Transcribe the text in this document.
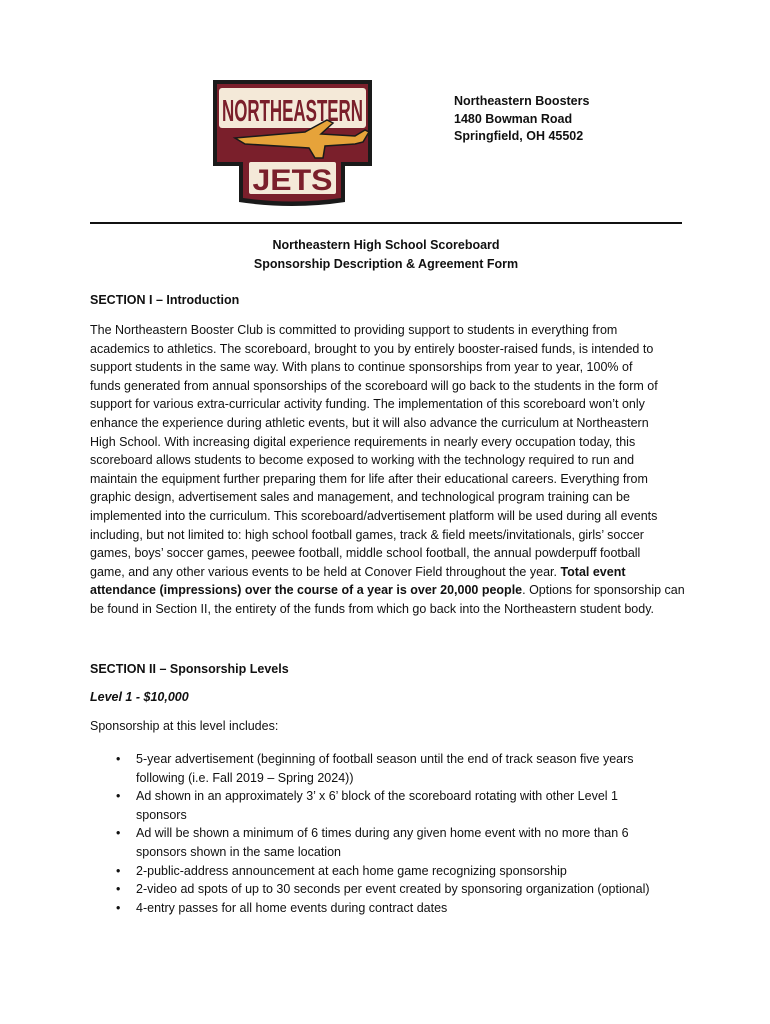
NORTHEASTERN
JETS
Northeastern Boosters
1480 Bowman Road
Springfield, OH 45502
Northeastern High School Scoreboard
Sponsorship Description & Agreement Form
SECTION I – Introduction
The Northeastern Booster Club is committed to providing support to students in everything from
academics to athletics. The scoreboard, brought to you by entirely booster-raised funds, is intended to
support students in the same way. With plans to continue sponsorships from year to year, 100% of
funds generated from annual sponsorships of the scoreboard will go back to the students in the form of
support for various extra-curricular activity funding. The implementation of this scoreboard won’t only
enhance the experience during athletic events, but it will also advance the curriculum at Northeastern
High School. With increasing digital experience requirements in nearly every occupation today, this
scoreboard allows students to become exposed to working with the technology required to run and
maintain the equipment further preparing them for life after their educational careers. Everything from
graphic design, advertisement sales and management, and technological program training can be
implemented into the curriculum. This scoreboard/advertisement platform will be used during all events
including, but not limited to: high school football games, track & field meets/invitationals, girls’ soccer
games, boys’ soccer games, peewee football, middle school football, the annual powderpuff football
game, and any other various events to be held at Conover Field throughout the year. Total event
attendance (impressions) over the course of a year is over 20,000 people. Options for sponsorship can
be found in Section II, the entirety of the funds from which go back into the Northeastern student body.
SECTION II – Sponsorship Levels
Level 1 - $10,000
Sponsorship at this level includes:
• 5-year advertisement (beginning of football season until the end of track season five years
following (i.e. Fall 2019 – Spring 2024))
• Ad shown in an approximately 3’ x 6’ block of the scoreboard rotating with other Level 1
sponsors
• Ad will be shown a minimum of 6 times during any given home event with no more than 6
sponsors shown in the same location
• 2-public-address announcement at each home game recognizing sponsorship
• 2-video ad spots of up to 30 seconds per event created by sponsoring organization (optional)
• 4-entry passes for all home events during contract dates
